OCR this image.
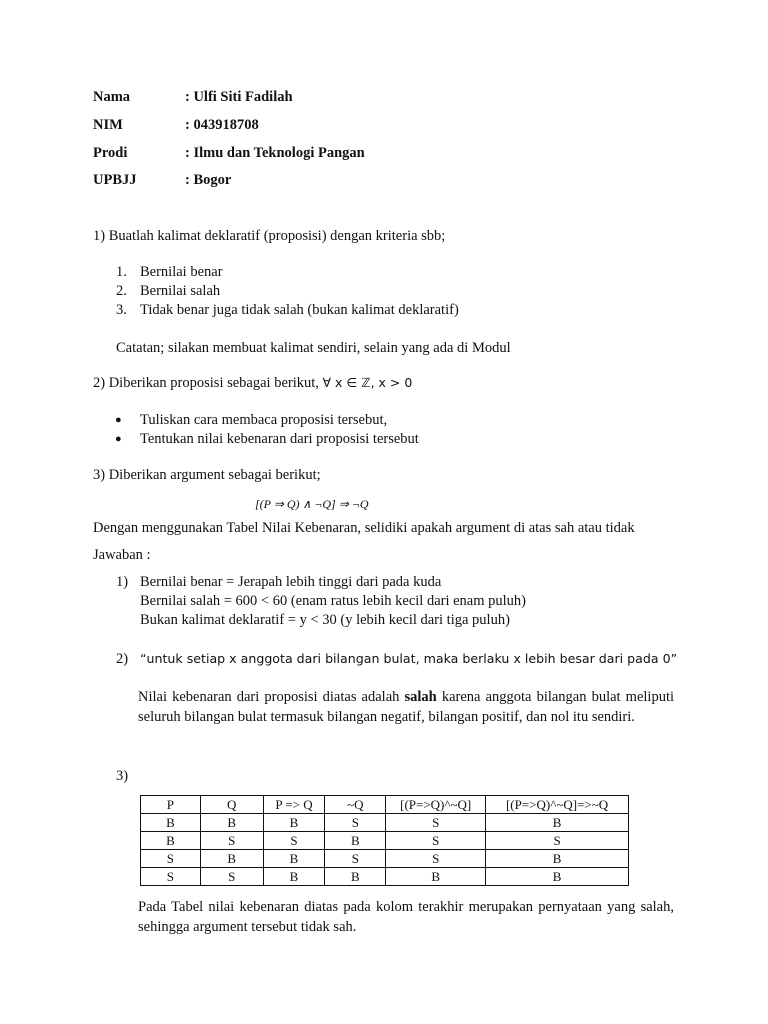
Nama	: Ulfi Siti Fadilah
NIM	: 043918708
Prodi	: Ilmu dan Teknologi Pangan
UPBJJ	: Bogor
1) Buatlah kalimat deklaratif (proposisi) dengan kriteria sbb;
1. Bernilai benar
2. Bernilai salah
3. Tidak benar juga tidak salah (bukan kalimat deklaratif)
Catatan; silakan membuat kalimat sendiri, selain yang ada di Modul
2) Diberikan proposisi sebagai berikut, ∀ x ∈ ℤ, x > 0
● Tuliskan cara membaca proposisi tersebut,
● Tentukan nilai kebenaran dari proposisi tersebut
3) Diberikan argument sebagai berikut;
[(P ⇒ Q) ∧ ¬Q] ⇒ ¬Q
Dengan menggunakan Tabel Nilai Kebenaran, selidiki apakah argument di atas sah atau tidak
Jawaban :
1) Bernilai benar = Jerapah lebih tinggi dari pada kuda
Bernilai salah = 600 < 60 (enam ratus lebih kecil dari enam puluh)
Bukan kalimat deklaratif = y < 30 (y lebih kecil dari tiga puluh)
2) “untuk setiap x anggota dari bilangan bulat, maka berlaku x lebih besar dari pada 0”
Nilai kebenaran dari proposisi diatas adalah salah karena anggota bilangan bulat meliputi seluruh bilangan bulat termasuk bilangan negatif, bilangan positif, dan nol itu sendiri.
3)
P	Q	P => Q	~Q	[(P=>Q)^~Q]	[(P=>Q)^~Q]=>~Q
B	B	B	S	S	B
B	S	S	B	S	S
S	B	B	S	S	B
S	S	B	B	B	B
Pada Tabel nilai kebenaran diatas pada kolom terakhir merupakan pernyataan yang salah, sehingga argument tersebut tidak sah.
